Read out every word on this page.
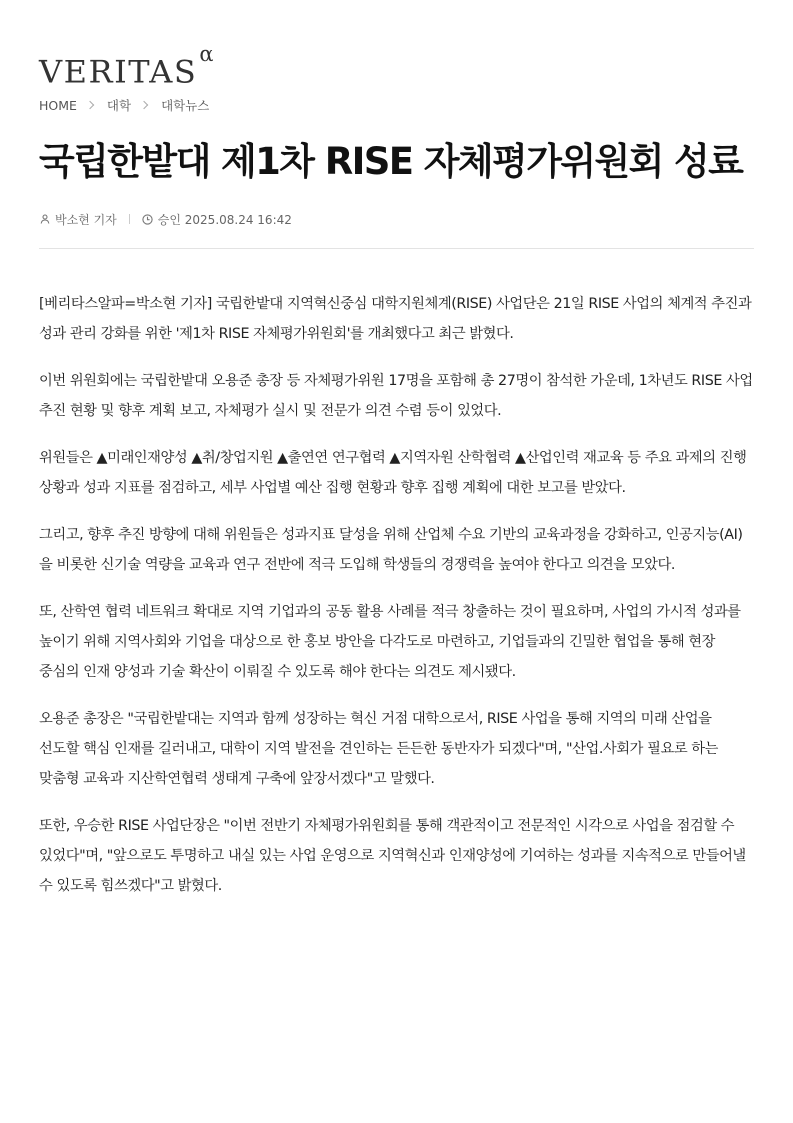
VERITAS α
HOME 대학 대학뉴스
국립한밭대 제1차 RISE 자체평가위원회 성료
박소현 기자	승인 2025.08.24 16:42

[베리타스알파=박소현 기자] 국립한밭대 지역혁신중심 대학지원체계(RISE) 사업단은 21일 RISE 사업의 체계적 추진과 성과 관리 강화를 위한 '제1차 RISE 자체평가위원회'를 개최했다고 최근 밝혔다.

이번 위원회에는 국립한밭대 오용준 총장 등 자체평가위원 17명을 포함해 총 27명이 참석한 가운데, 1차년도 RISE 사업 추진 현황 및 향후 계획 보고, 자체평가 실시 및 전문가 의견 수렴 등이 있었다.

위원들은 ▲미래인재양성 ▲취/창업지원 ▲출연연 연구협력 ▲지역자원 산학협력 ▲산업인력 재교육 등 주요 과제의 진행 상황과 성과 지표를 점검하고, 세부 사업별 예산 집행 현황과 향후 집행 계획에 대한 보고를 받았다.

그리고, 향후 추진 방향에 대해 위원들은 성과지표 달성을 위해 산업체 수요 기반의 교육과정을 강화하고, 인공지능(AI)을 비롯한 신기술 역량을 교육과 연구 전반에 적극 도입해 학생들의 경쟁력을 높여야 한다고 의견을 모았다.

또, 산학연 협력 네트워크 확대로 지역 기업과의 공동 활용 사례를 적극 창출하는 것이 필요하며, 사업의 가시적 성과를 높이기 위해 지역사회와 기업을 대상으로 한 홍보 방안을 다각도로 마련하고, 기업들과의 긴밀한 협업을 통해 현장 중심의 인재 양성과 기술 확산이 이뤄질 수 있도록 해야 한다는 의견도 제시됐다.

오용준 총장은 "국립한밭대는 지역과 함께 성장하는 혁신 거점 대학으로서, RISE 사업을 통해 지역의 미래 산업을 선도할 핵심 인재를 길러내고, 대학이 지역 발전을 견인하는 든든한 동반자가 되겠다"며, "산업.사회가 필요로 하는 맞춤형 교육과 지산학연협력 생태계 구축에 앞장서겠다"고 말했다.

또한, 우승한 RISE 사업단장은 "이번 전반기 자체평가위원회를 통해 객관적이고 전문적인 시각으로 사업을 점검할 수 있었다"며, "앞으로도 투명하고 내실 있는 사업 운영으로 지역혁신과 인재양성에 기여하는 성과를 지속적으로 만들어낼 수 있도록 힘쓰겠다"고 밝혔다.
